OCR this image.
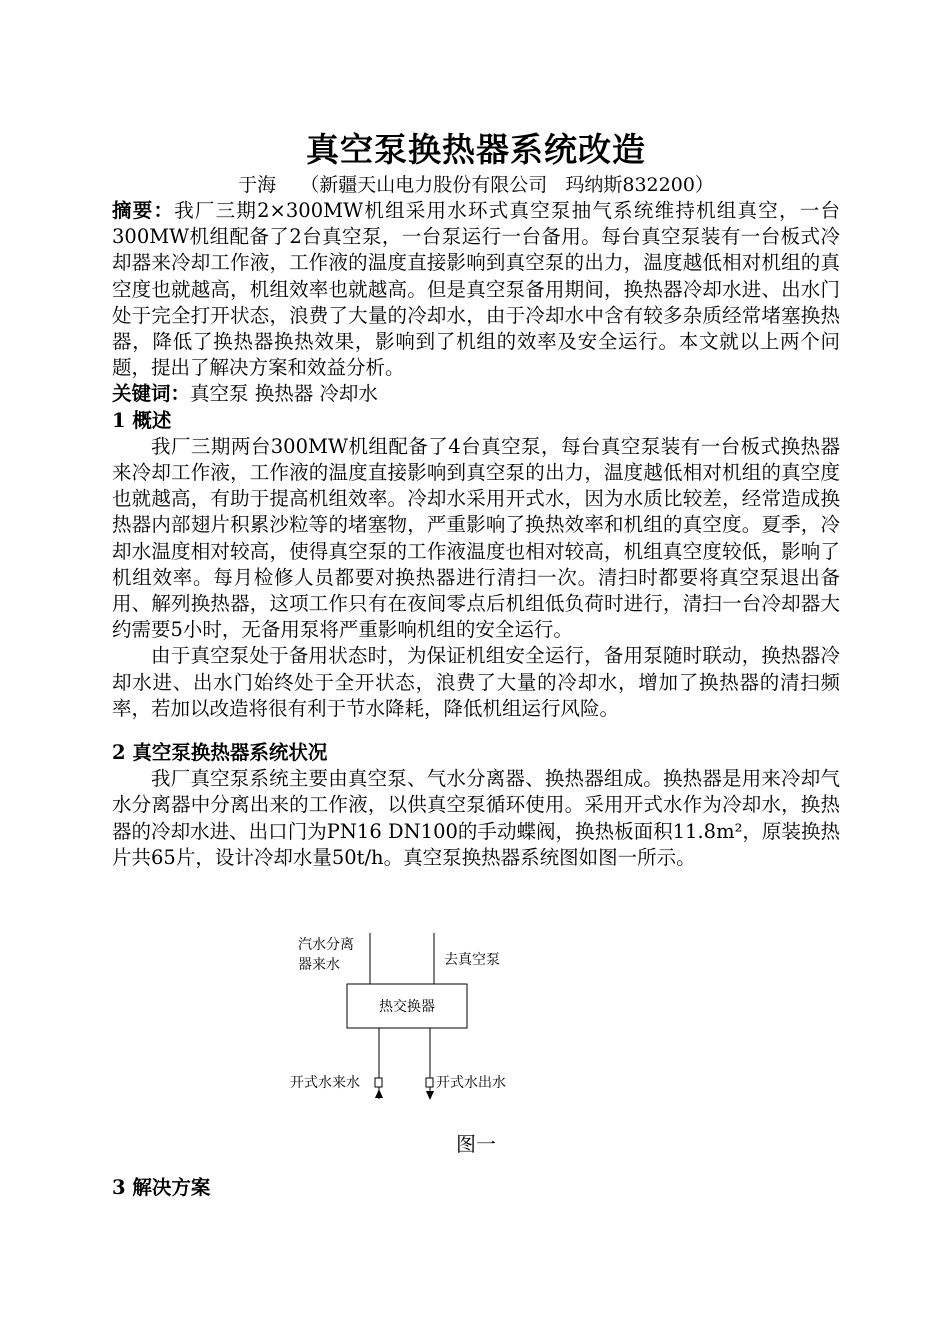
真空泵换热器系统改造

于海    （新疆天山电力股份有限公司   玛纳斯832200）

摘要：我厂三期2×300MW机组采用水环式真空泵抽气系统维持机组真空，一台300MW机组配备了2台真空泵，一台泵运行一台备用。每台真空泵装有一台板式冷却器来冷却工作液，工作液的温度直接影响到真空泵的出力，温度越低相对机组的真空度也就越高，机组效率也就越高。但是真空泵备用期间，换热器冷却水进、出水门处于完全打开状态，浪费了大量的冷却水，由于冷却水中含有较多杂质经常堵塞换热器，降低了换热器换热效果，影响到了机组的效率及安全运行。本文就以上两个问题，提出了解决方案和效益分析。

关键词：真空泵 换热器 冷却水

1 概述

我厂三期两台300MW机组配备了4台真空泵，每台真空泵装有一台板式换热器来冷却工作液，工作液的温度直接影响到真空泵的出力，温度越低相对机组的真空度也就越高，有助于提高机组效率。冷却水采用开式水，因为水质比较差，经常造成换热器内部翅片积累沙粒等的堵塞物，严重影响了换热效率和机组的真空度。夏季，冷却水温度相对较高，使得真空泵的工作液温度也相对较高，机组真空度较低，影响了机组效率。每月检修人员都要对换热器进行清扫一次。清扫时都要将真空泵退出备用、解列换热器，这项工作只有在夜间零点后机组低负荷时进行，清扫一台冷却器大约需要5小时，无备用泵将严重影响机组的安全运行。

由于真空泵处于备用状态时，为保证机组安全运行，备用泵随时联动，换热器冷却水进、出水门始终处于全开状态，浪费了大量的冷却水，增加了换热器的清扫频率，若加以改造将很有利于节水降耗，降低机组运行风险。

2 真空泵换热器系统状况

我厂真空泵系统主要由真空泵、气水分离器、换热器组成。换热器是用来冷却气水分离器中分离出来的工作液，以供真空泵循环使用。采用开式水作为冷却水，换热器的冷却水进、出口门为PN16 DN100的手动蝶阀，换热板面积11.8m²，原装换热片共65片，设计冷却水量50t/h。真空泵换热器系统图如图一所示。

热交换器
汽水分离
器来水	去真空泵
开式水来水	开式水出水

图一

3 解决方案
